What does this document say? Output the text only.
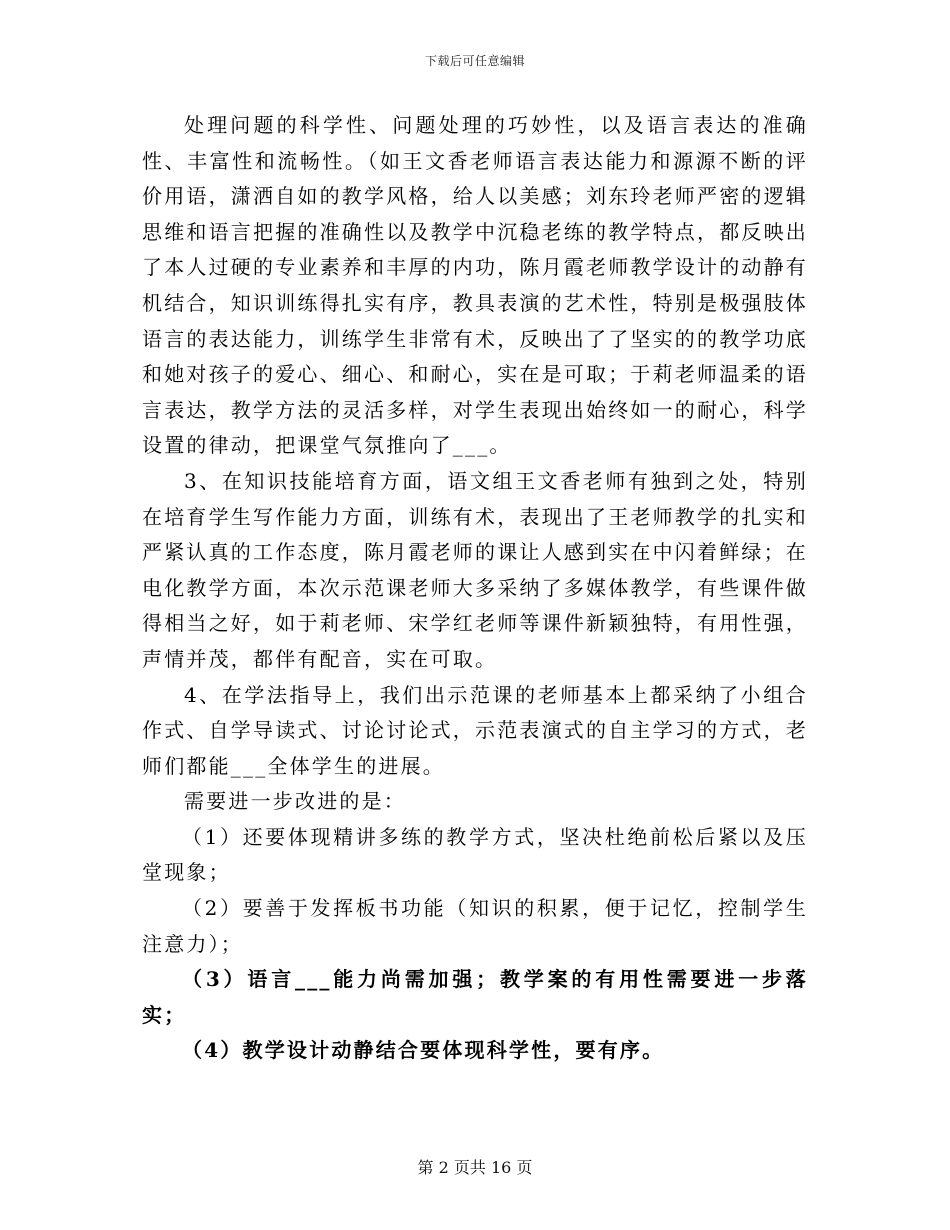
下载后可任意编辑

处理问题的科学性、问题处理的巧妙性，以及语言表达的准确性、丰富性和流畅性。（如王文香老师语言表达能力和源源不断的评价用语，潇洒自如的教学风格，给人以美感；刘东玲老师严密的逻辑思维和语言把握的准确性以及教学中沉稳老练的教学特点，都反映出了本人过硬的专业素养和丰厚的内功，陈月霞老师教学设计的动静有机结合，知识训练得扎实有序，教具表演的艺术性，特别是极强肢体语言的表达能力，训练学生非常有术，反映出了了坚实的的教学功底和她对孩子的爱心、细心、和耐心，实在是可取；于莉老师温柔的语言表达，教学方法的灵活多样，对学生表现出始终如一的耐心，科学设置的律动，把课堂气氛推向了___。

3、在知识技能培育方面，语文组王文香老师有独到之处，特别在培育学生写作能力方面，训练有术，表现出了王老师教学的扎实和严紧认真的工作态度，陈月霞老师的课让人感到实在中闪着鲜绿；在电化教学方面，本次示范课老师大多采纳了多媒体教学，有些课件做得相当之好，如于莉老师、宋学红老师等课件新颖独特，有用性强，声情并茂，都伴有配音，实在可取。

4、在学法指导上，我们出示范课的老师基本上都采纳了小组合作式、自学导读式、讨论讨论式，示范表演式的自主学习的方式，老师们都能___全体学生的进展。

需要进一步改进的是：

（1）还要体现精讲多练的教学方式，坚决杜绝前松后紧以及压堂现象；

（2）要善于发挥板书功能（知识的积累，便于记忆，控制学生注意力）；

（3）语言___能力尚需加强；教学案的有用性需要进一步落实；

（4）教学设计动静结合要体现科学性，要有序。

第 2 页共 16 页
